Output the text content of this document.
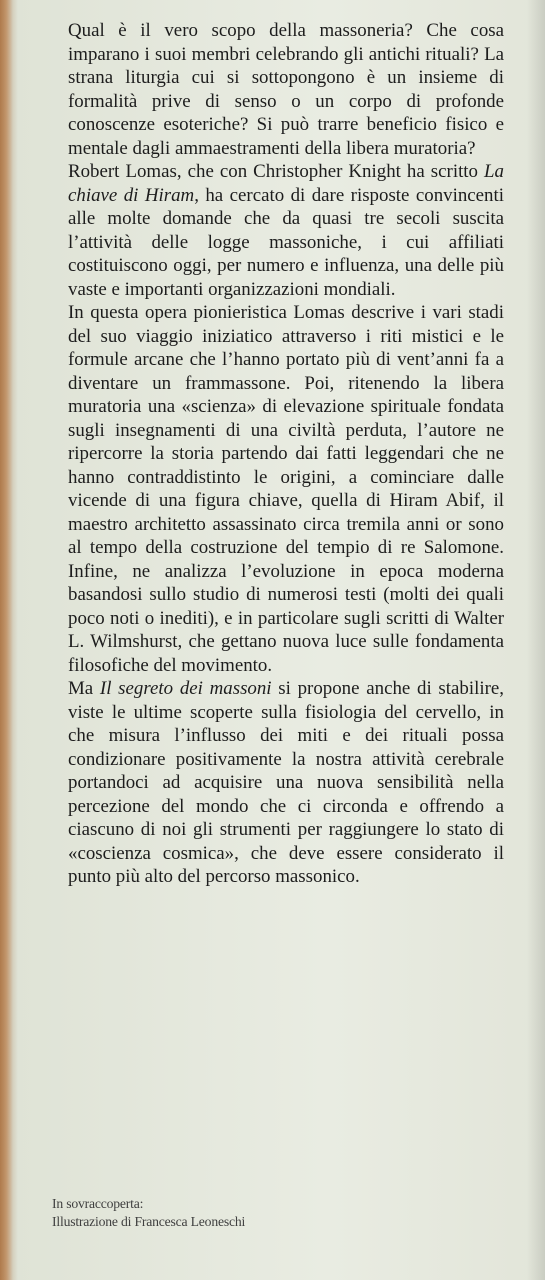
Qual è il vero scopo della massoneria? Che cosa imparano i suoi membri celebrando gli antichi rituali? La strana liturgia cui si sottopongono è un insieme di formalità prive di senso o un corpo di profonde conoscenze esoteriche? Si può trarre beneficio fisico e mentale dagli ammaestramenti della libera muratoria?

Robert Lomas, che con Christopher Knight ha scritto La chiave di Hiram, ha cercato di dare risposte convincenti alle molte domande che da quasi tre secoli suscita l’attività delle logge massoniche, i cui affiliati costituiscono oggi, per numero e influenza, una delle più vaste e importanti organizzazioni mondiali.

In questa opera pionieristica Lomas descrive i vari stadi del suo viaggio iniziatico attraverso i riti mistici e le formule arcane che l’hanno portato più di vent’anni fa a diventare un frammassone. Poi, ritenendo la libera muratoria una «scienza» di elevazione spirituale fondata sugli insegnamenti di una civiltà perduta, l’autore ne ripercorre la storia partendo dai fatti leggendari che ne hanno contraddistinto le origini, a cominciare dalle vicende di una figura chiave, quella di Hiram Abif, il maestro architetto assassinato circa tremila anni or sono al tempo della costruzione del tempio di re Salomone. Infine, ne analizza l’evoluzione in epoca moderna basandosi sullo studio di numerosi testi (molti dei quali poco noti o inediti), e in particolare sugli scritti di Walter L. Wilmshurst, che gettano nuova luce sulle fondamenta filosofiche del movimento.

Ma Il segreto dei massoni si propone anche di stabilire, viste le ultime scoperte sulla fisiologia del cervello, in che misura l’influsso dei miti e dei rituali possa condizionare positivamente la nostra attività cerebrale portandoci ad acquisire una nuova sensibilità nella percezione del mondo che ci circonda e offrendo a ciascuno di noi gli strumenti per raggiungere lo stato di «coscienza cosmica», che deve essere considerato il punto più alto del percorso massonico.

In sovraccoperta:
Illustrazione di Francesca Leoneschi
